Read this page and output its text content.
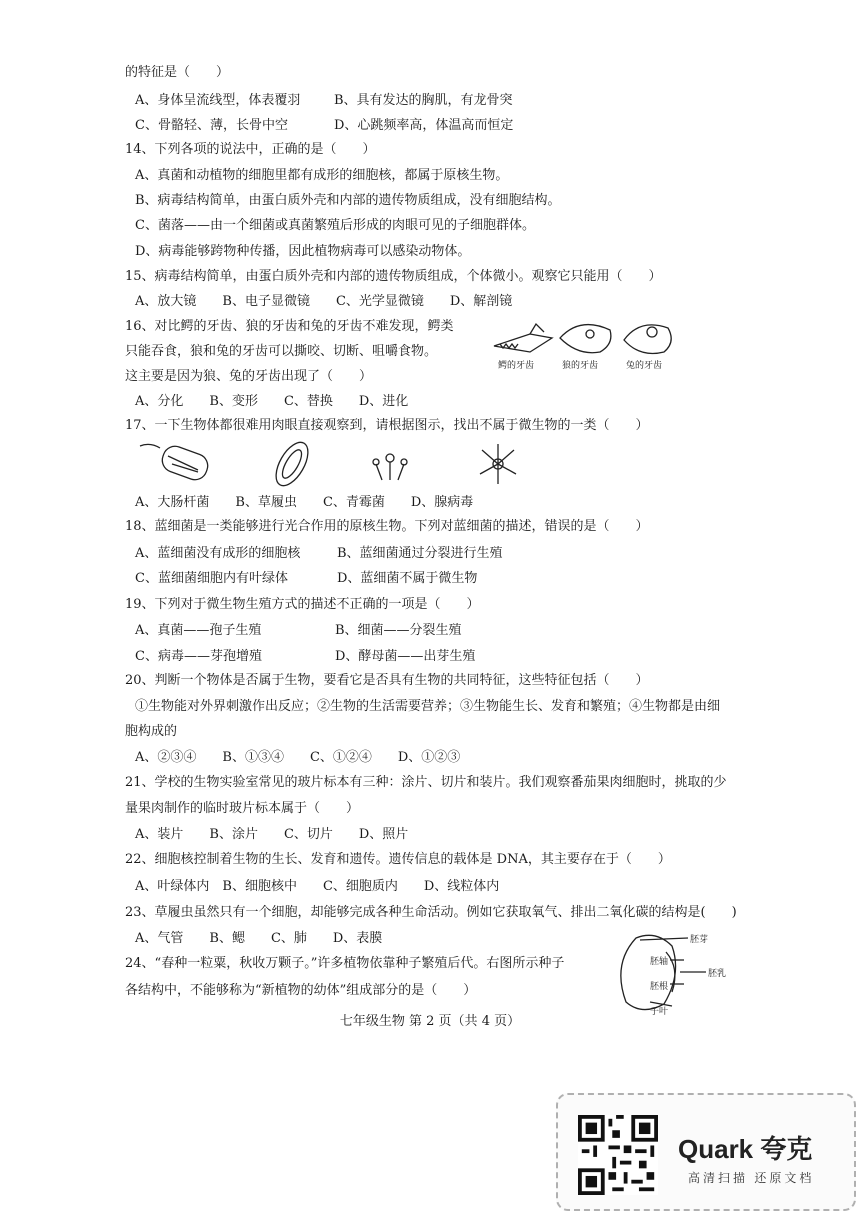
的特征是（　　）
A、身体呈流线型，体表覆羽	B、具有发达的胸肌，有龙骨突
C、骨骼轻、薄，长骨中空	D、心跳频率高，体温高而恒定
14、下列各项的说法中，正确的是（　　）
A、真菌和动植物的细胞里都有成形的细胞核，都属于原核生物。
B、病毒结构简单，由蛋白质外壳和内部的遗传物质组成，没有细胞结构。
C、菌落——由一个细菌或真菌繁殖后形成的肉眼可见的子细胞群体。
D、病毒能够跨物种传播，因此植物病毒可以感染动物体。
15、病毒结构简单，由蛋白质外壳和内部的遗传物质组成，个体微小。观察它只能用（　　）
A、放大镜　　B、电子显微镜　　C、光学显微镜　　D、解剖镜
16、对比鳄的牙齿、狼的牙齿和兔的牙齿不难发现，鳄类
只能吞食，狼和兔的牙齿可以撕咬、切断、咀嚼食物。
这主要是因为狼、兔的牙齿出现了（　　）
A、分化　　B、变形　　C、替换　　D、进化
鳄的牙齿	狼的牙齿	兔的牙齿
17、一下生物体都很难用肉眼直接观察到，请根据图示，找出不属于微生物的一类（　　）
A、大肠杆菌　　B、草履虫　　C、青霉菌　　D、腺病毒
18、蓝细菌是一类能够进行光合作用的原核生物。下列对蓝细菌的描述，错误的是（　　）
A、蓝细菌没有成形的细胞核	B、蓝细菌通过分裂进行生殖
C、蓝细菌细胞内有叶绿体	D、蓝细菌不属于微生物
19、下列对于微生物生殖方式的描述不正确的一项是（　　）
A、真菌——孢子生殖	B、细菌——分裂生殖
C、病毒——芽孢增殖	D、酵母菌——出芽生殖
20、判断一个物体是否属于生物，要看它是否具有生物的共同特征，这些特征包括（　　）
①生物能对外界刺激作出反应；②生物的生活需要营养；③生物能生长、发育和繁殖；④生物都是由细
胞构成的
A、②③④　　B、①③④　　C、①②④　　D、①②③
21、学校的生物实验室常见的玻片标本有三种：涂片、切片和装片。我们观察番茄果肉细胞时，挑取的少
量果肉制作的临时玻片标本属于（　　）
A、装片　　B、涂片　　C、切片　　D、照片
22、细胞核控制着生物的生长、发育和遗传。遗传信息的载体是 DNA，其主要存在于（　　）
A、叶绿体内　B、细胞核中　　C、细胞质内　　D、线粒体内
23、草履虫虽然只有一个细胞，却能够完成各种生命活动。例如它获取氧气、排出二氧化碳的结构是(　　)
A、气管　　B、鳃　　C、肺　　D、表膜
24、“春种一粒粟，秋收万颗子。”许多植物依靠种子繁殖后代。右图所示种子
各结构中，不能够称为“新植物的幼体”组成部分的是（　　）
胚芽
胚轴
胚乳
胚根
子叶
七年级生物 第 2 页（共 4 页）
Quark 夸克
高清扫描 还原文档
